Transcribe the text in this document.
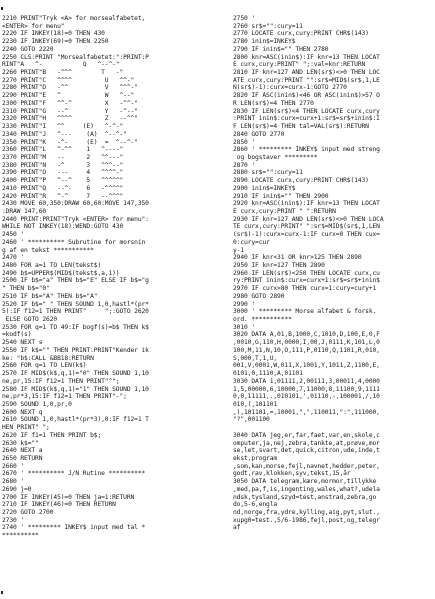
2210 PRINT"Tryk <A> for morsealfabetet,
<ENTER> for menu"
2220 IF INKEY(18)=0 THEN 430
2230 IF INKEY(69)=0 THEN 2250
2240 GOTO 2220
2250 CLS:PRINT "Morsealfabetet:":PRINT:P
RINT"A   ^-           Q   ^--^-"
2260 PRINT"B   -^^^        T   -"
2270 PRINT"C   ^^^^         U   ^^-"
2280 PRINT"D   -^^          V   ^^^-"
2290 PRINT"E   ^            W   ^--"
2300 PRINT"F   ^^-^         X   -^^-"
2310 PRINT"G   --^          Y   -^--"
2320 PRINT"H   ^^^^         Z   --^^"
2330 PRINT"I   ^^     (E)   ^-^-"
2340 PRINT"J   ^---    (A)  ^--^-"
2350 PRINT"K   -^-     (E)  =  ^--^-"
2360 PRINT"L   ^-^^    1   ^----"
2370 PRINT"M   --      2   ^^---"
2380 PRINT"N   -^      3   ^^^--"
2390 PRINT"O   ---     4   ^^^^-"
2400 PRINT"P   ^--^    5   ^^^^^"
2410 PRINT"Q   --^-    6   -^^^^"
2420 PRINT"R   ^-^     7   --^^^"
2430 MOVE 60,350:DRAW 60,60:MOVE 147,350
:DRAW 147,60
2440 PRINT:PRINT"Tryk <ENTER> for menu":
WHILE NOT INKEY(18):WEND:GOTO 430
2450 '
2460 ' ********** Subrutine for morsnin
g af en tekst ***********
2470 '
2480 FOR a=1 TO LEN(tekst$)
2490 b$=UPPER$(MID$(tekst$,a,1))
2500 IF b$="a" THEN b$="E" ELSE IF b$="g
" THEN b$="0"
2510 IF b$="A" THEN b$="A"
2520 IF b$=" " THEN SOUND 1,0,hastl*(pr*
5):IF f12=1 THEN PRINT"     ";:GOTO 2620
ELSE GOTO 2620
2530 FOR q=1 TO 49:IF bogf(s)=b$ THEN k$
=kodf(s)
2540 NEXT s
2550 IF k$="" THEN PRINT:PRINT"Kender ik
ke: "b$:CALL &BB18:RETURN
2560 FOR q=1 TO LEN(k$)
2570 IF MID$(k$,q,1)="0" THEN SOUND 1,10
ne,pr,15:IF f12=1 THEN PRINT"^";
2580 IF MID$(k$,q,1)="1" THEN SOUND 1,10
ne,pr*3,15:IF f12=1 THEN PRINT"-";
2590 SOUND 1,0,pr,0
2600 NEXT q
2610 SOUND 1,0,hastl*(pr*3),0:IF f12=1 T
HEN PRINT" ";
2620 IF f1=1 THEN PRINT b$;
2630 k$=""
2640 NEXT a
2650 RETURN
2660 '
2670 ' ********** J/N Rutine **********
2680 '
2690 j=0
2700 IF INKEY(45)=0 THEN ja=1:RETURN
2710 IF INKEY(46)=0 THEN RETURN
2720 GOTO 2700
2730 '
2740 ' ********* INKEY$ input med tal *
**********
2750 '
2760 sr$="":cury=11
2770 LOCATE curx,cury:PRINT CHR$(143)
2780 inin$=INKEY$
2790 IF inin$="" THEN 2780
2800 knr=ASC(inin$):IF knr=13 THEN LOCAT
E curx,cury:PRINT" ";:val=knr:RETURN
2810 IF knr=127 AND LEN(sr$)<>0 THEN LOC
ATE curx,cury:PRINT "":sr$=MID$(sr$,1,LE
N(sr$)-1):curx=curx-1:GOTO 2770
2820 IF ASC(inin$)<46 OR ASC(inin$)>57 O
R LEN(sr$)=4 THEN 2770
2830 IF LEN(sr$)<4 THEN LOCATE curx,cury
:PRINT inin$:curx=curx+1:sr$=sr$+inin$:I
F LEN(sr$)=4 THEN tal=VAL(sr$):RETURN
2840 GOTO 2770
2850 '
2860 ' ********* INKEY$ input med streng
og bogstaver *********
2870 '
2880 sr$="":cury=11
2890 LOCATE curx,cury:PRINT CHR$(143)
2900 inin$=INKEY$
2910 IF inin$="" THEN 2900
2920 knr=ASC(inin$):IF knr=13 THEN LOCAT
E curx,cury:PRINT " ":RETURN
2930 IF knr=127 AND LEN(sr$)<>0 THEN LOCA
TE curx,cury:PRINT" ":sr$=MID$(sr$,1,LEN
(sr$)-1):curx=curx-1:IF curx=0 THEN cux=
0:cury=cur
y-1
2940 IF knr<31 OR knr>125 THEN 2890
2950 IF knr=127 THEN 2890
2960 IF LEN(sr$)<250 THEN LOCATE curx,cu
ry:PRINT inin$:curx=curx+1:sr$=sr$+inin$
2970 IF curx>80 THEN curx=1:cury=cury+1
2980 GOTO 2890
2990 '
3000 ' ********* Morse alfabet & forsk.
ord. ***********
3010 '
3020 DATA A,01,B,1000,C,1010,D,100,E,0,F
,0010,G,110,H,0000,I,00,J,0111,K,101,L,0
100,M,11,N,10,O,111,P,0110,Q,1101,R,010,
S,000,T,1,U,
001,V,0001,W,011,X,1001,Y,1011,Z,1100,E,
0101,0,1110,A,01101
3030 DATA 1,01111,2,00111,3,00011,4,0000
1,5,00000,6,10000,7,11000,8,11100,9,1111
0,0,11111,.,010101,',01110,-,100001,/,10
010,(,101101
,),101101,=,10001,",",110011,":",111000,
"?",001100

3040 DATA jeg,er,far,faet,var,en,skole,c
omputer,ja,nej,zebra,tankte,at,prøve,mor
se,let,svart,det,quick,citron,ude,inde,t
ekst,program
,som,kan,morse,fejl,navnet,hedder,peter,
godt,rav,klokken,syv,tekst,15,år
3050 DATA telegram,kære,mormor,tillykke
,med,pa,f,is,ingenting,wales,what?,udela
ndsk,tysland,szyd=test,anstrad,zebra,go
do,5-6,engla
nd,norge,fra,ydre,kylling,aig,pyt,slut.,
xupg0=test.,5/6-1986,fejl,post,og,telegr
af
